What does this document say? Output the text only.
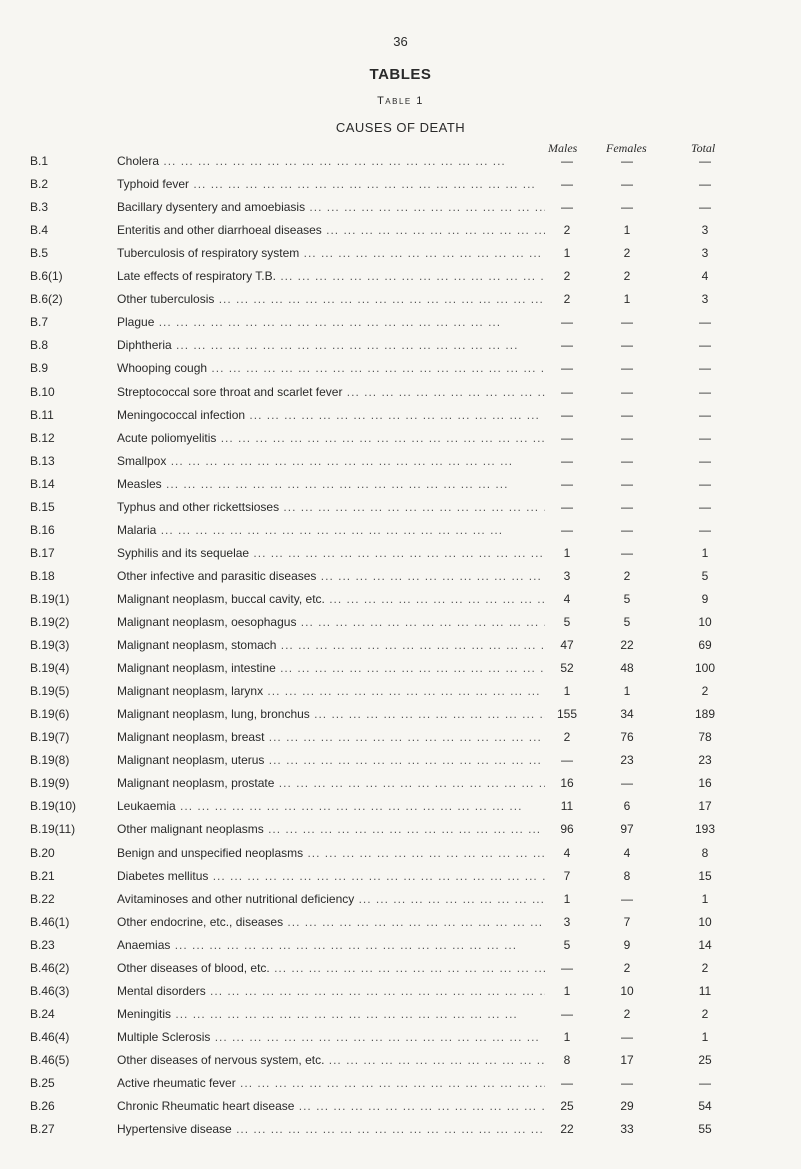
36
TABLES
Table 1
CAUSES OF DEATH
Males Females	Total
B.1	Cholera ... .	—	—	—
B.2	Typhoid fever ... .	—	—	—
B.3	Bacillary dysentery and amoebiasis ... .	—	—	—
B.4	Enteritis and other diarrhoeal diseases ... .	2	1	3
B.5	Tuberculosis of respiratory system ... .	1	2	3
B.6(1)	Late effects of respiratory T.B. ... .	2	2	4
B.6(2)	Other tuberculosis ... .	2	1	3
B.7	Plague ... .	—	—	—
B.8	Diphtheria ... .	—	—	—
B.9	Whooping cough ... .	—	—	—
B.10	Streptococcal sore throat and scarlet fever ... .	—	—	—
B.11	Meningococcal infection ... .	—	—	—
B.12	Acute poliomyelitis ... .	—	—	—
B.13	Smallpox ... .	—	—	—
B.14	Measles ... .	—	—	—
B.15	Typhus and other rickettsioses ... .	—	—	—
B.16	Malaria ... .	—	—	—
B.17	Syphilis and its sequelae ... .	1	—	1
B.18	Other infective and parasitic diseases ... .	3	2	5
B.19(1)	Malignant neoplasm, buccal cavity, etc. ... .	4	5	9
B.19(2)	Malignant neoplasm, oesophagus ... .	5	5	10
B.19(3)	Malignant neoplasm, stomach ... .	47	22	69
B.19(4)	Malignant neoplasm, intestine ... .	52	48	100
B.19(5)	Malignant neoplasm, larynx ... .	1	1	2
B.19(6)	Malignant neoplasm, lung, bronchus ... .	155	34	189
B.19(7)	Malignant neoplasm, breast ... .	2	76	78
B.19(8)	Malignant neoplasm, uterus ... .	—	23	23
B.19(9)	Malignant neoplasm, prostate ... .	16	—	16
B.19(10)	Leukaemia ... .	11	6	17
B.19(11)	Other malignant neoplasms ... .	96	97	193
B.20	Benign and unspecified neoplasms ... .	4	4	8
B.21	Diabetes mellitus ... .	7	8	15
B.22	Avitaminoses and other nutritional deficiency ... .	1	—	1
B.46(1)	Other endocrine, etc., diseases ... .	3	7	10
B.23	Anaemias ... .	5	9	14
B.46(2)	Other diseases of blood, etc. ... .	—	2	2
B.46(3)	Mental disorders ... .	1	10	11
B.24	Meningitis ... .	—	2	2
B.46(4)	Multiple Sclerosis ... .	1	—	1
B.46(5)	Other diseases of nervous system, etc. ... .	8	17	25
B.25	Active rheumatic fever ... .	—	—	—
B.26	Chronic Rheumatic heart disease ... .	25	29	54
B.27	Hypertensive disease ... .	22	33	55
